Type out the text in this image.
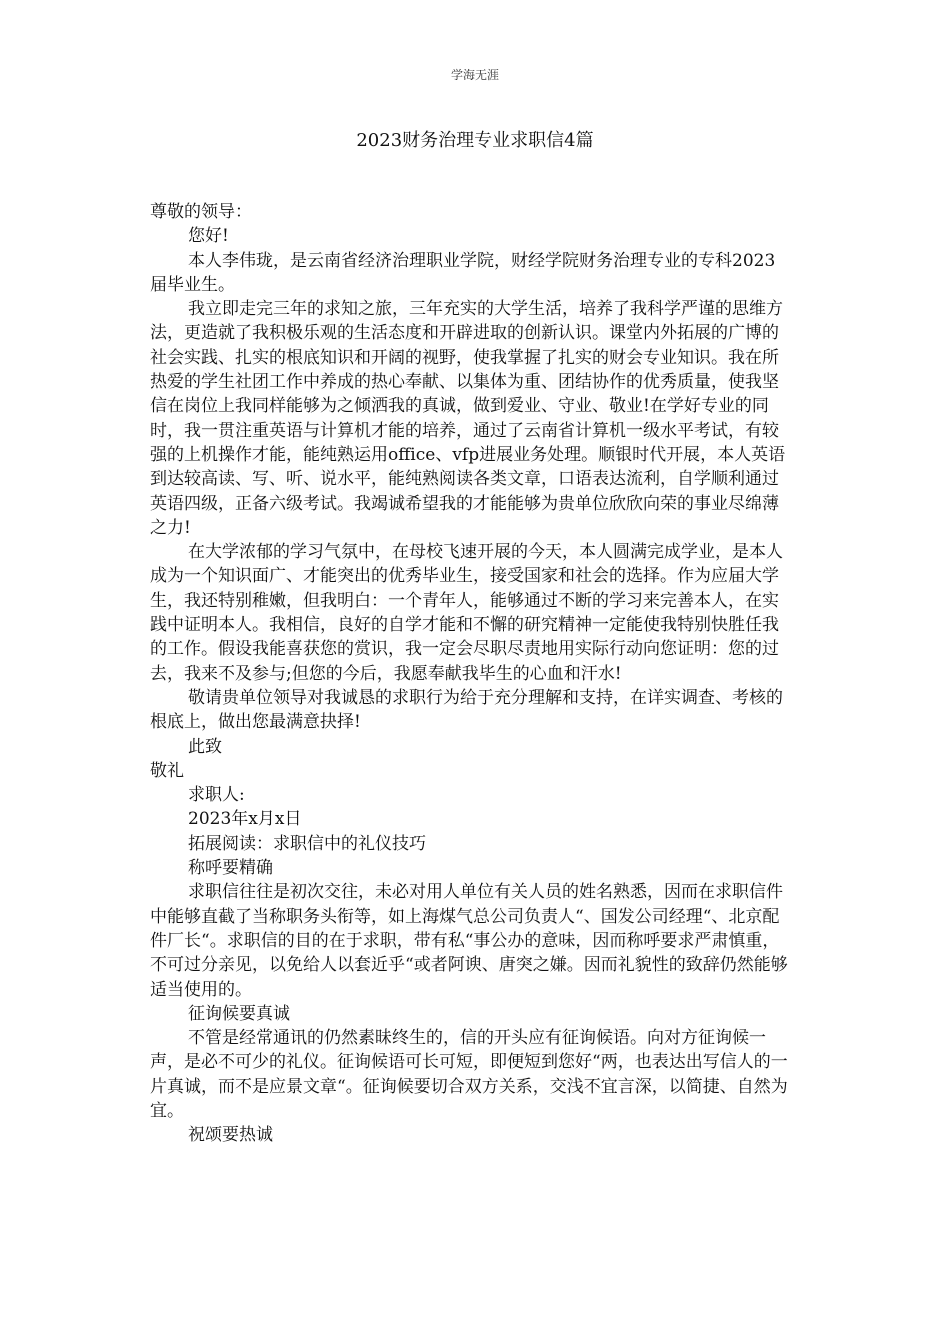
学海无涯
2023财务治理专业求职信4篇

尊敬的领导：

您好!

本人李伟珑，是云南省经济治理职业学院，财经学院财务治理专业的专科2023届毕业生。

我立即走完三年的求知之旅，三年充实的大学生活，培养了我科学严谨的思维方法，更造就了我积极乐观的生活态度和开辟进取的创新认识。课堂内外拓展的广博的社会实践、扎实的根底知识和开阔的视野，使我掌握了扎实的财会专业知识。我在所热爱的学生社团工作中养成的热心奉献、以集体为重、团结协作的优秀质量，使我坚信在岗位上我同样能够为之倾洒我的真诚，做到爱业、守业、敬业!在学好专业的同时，我一贯注重英语与计算机才能的培养，通过了云南省计算机一级水平考试，有较强的上机操作才能，能纯熟运用office、vfp进展业务处理。顺银时代开展，本人英语到达较高读、写、听、说水平，能纯熟阅读各类文章，口语表达流利，自学顺利通过英语四级，正备六级考试。我竭诚希望我的才能能够为贵单位欣欣向荣的事业尽绵薄之力!

在大学浓郁的学习气氛中，在母校飞速开展的今天，本人圆满完成学业，是本人成为一个知识面广、才能突出的优秀毕业生，接受国家和社会的选择。作为应届大学生，我还特别稚嫩，但我明白：一个青年人，能够通过不断的学习来完善本人，在实践中证明本人。我相信，良好的自学才能和不懈的研究精神一定能使我特别快胜任我的工作。假设我能喜获您的赏识，我一定会尽职尽责地用实际行动向您证明：您的过去，我来不及参与;但您的今后，我愿奉献我毕生的心血和汗水!

敬请贵单位领导对我诚恳的求职行为给于充分理解和支持，在详实调查、考核的根底上，做出您最满意抉择!

此致

敬礼

求职人:

2023年x月x日

拓展阅读：求职信中的礼仪技巧

称呼要精确

求职信往往是初次交往，未必对用人单位有关人员的姓名熟悉，因而在求职信件中能够直截了当称职务头衔等，如上海煤气总公司负责人“、国发公司经理“、北京配件厂长“。求职信的目的在于求职，带有私“事公办的意味，因而称呼要求严肃慎重，不可过分亲见，以免给人以套近乎“或者阿谀、唐突之嫌。因而礼貌性的致辞仍然能够适当使用的。

征询候要真诚

不管是经常通讯的仍然素昧终生的，信的开头应有征询候语。向对方征询候一声，是必不可少的礼仪。征询候语可长可短，即便短到您好“两，也表达出写信人的一片真诚，而不是应景文章“。征询候要切合双方关系，交浅不宜言深，以简捷、自然为宜。

祝颂要热诚
